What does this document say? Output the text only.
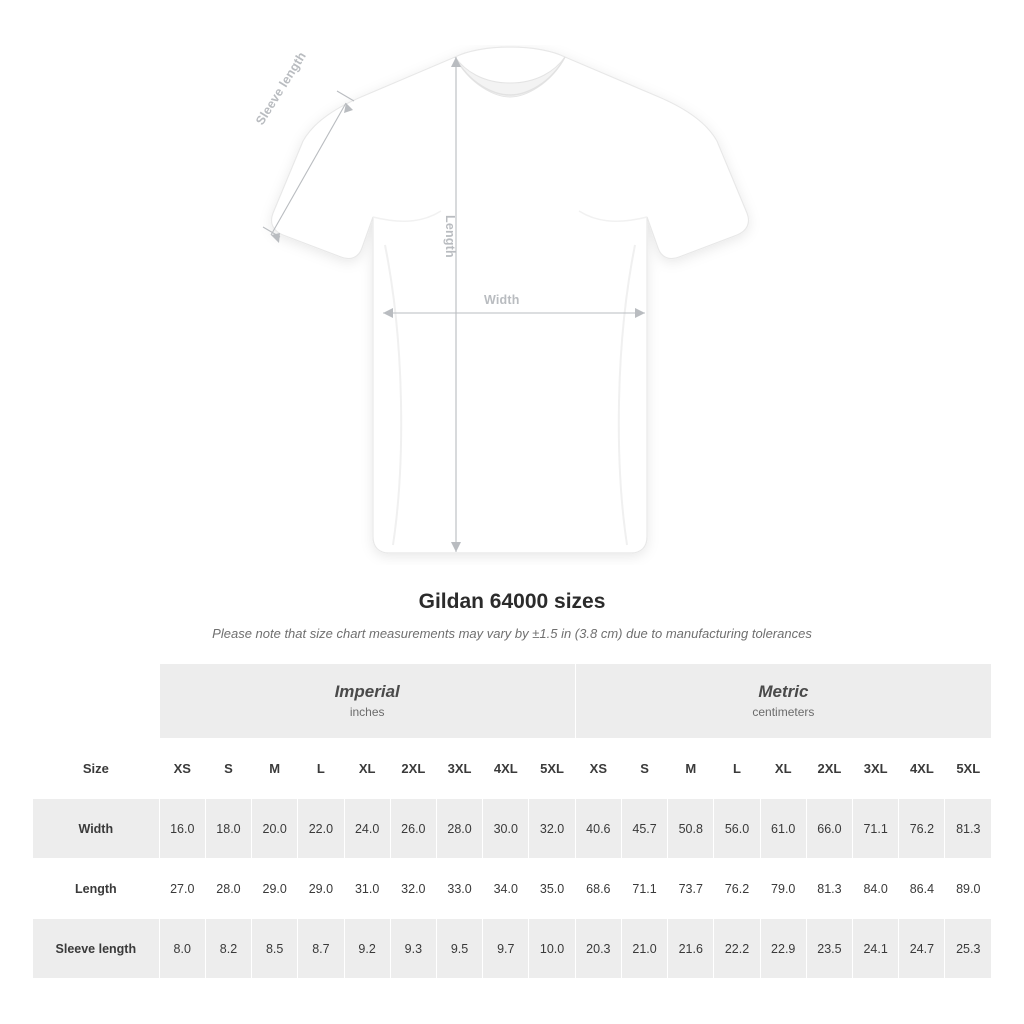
Sleeve length
Length
Width
Gildan 64000 sizes

Please note that size chart measurements may vary by ±1.5 in (3.8 cm) due to manufacturing tolerances

	Imperial
inches									Metric
centimeters								

Size	XS	S	M	L	XL	2XL	3XL	4XL	5XL	XS	S	M	L	XL	2XL	3XL	4XL	5XL
Width	16.0	18.0	20.0	22.0	24.0	26.0	28.0	30.0	32.0	40.6	45.7	50.8	56.0	61.0	66.0	71.1	76.2	81.3
Length	27.0	28.0	29.0	29.0	31.0	32.0	33.0	34.0	35.0	68.6	71.1	73.7	76.2	79.0	81.3	84.0	86.4	89.0
Sleeve length	8.0	8.2	8.5	8.7	9.2	9.3	9.5	9.7	10.0	20.3	21.0	21.6	22.2	22.9	23.5	24.1	24.7	25.3
